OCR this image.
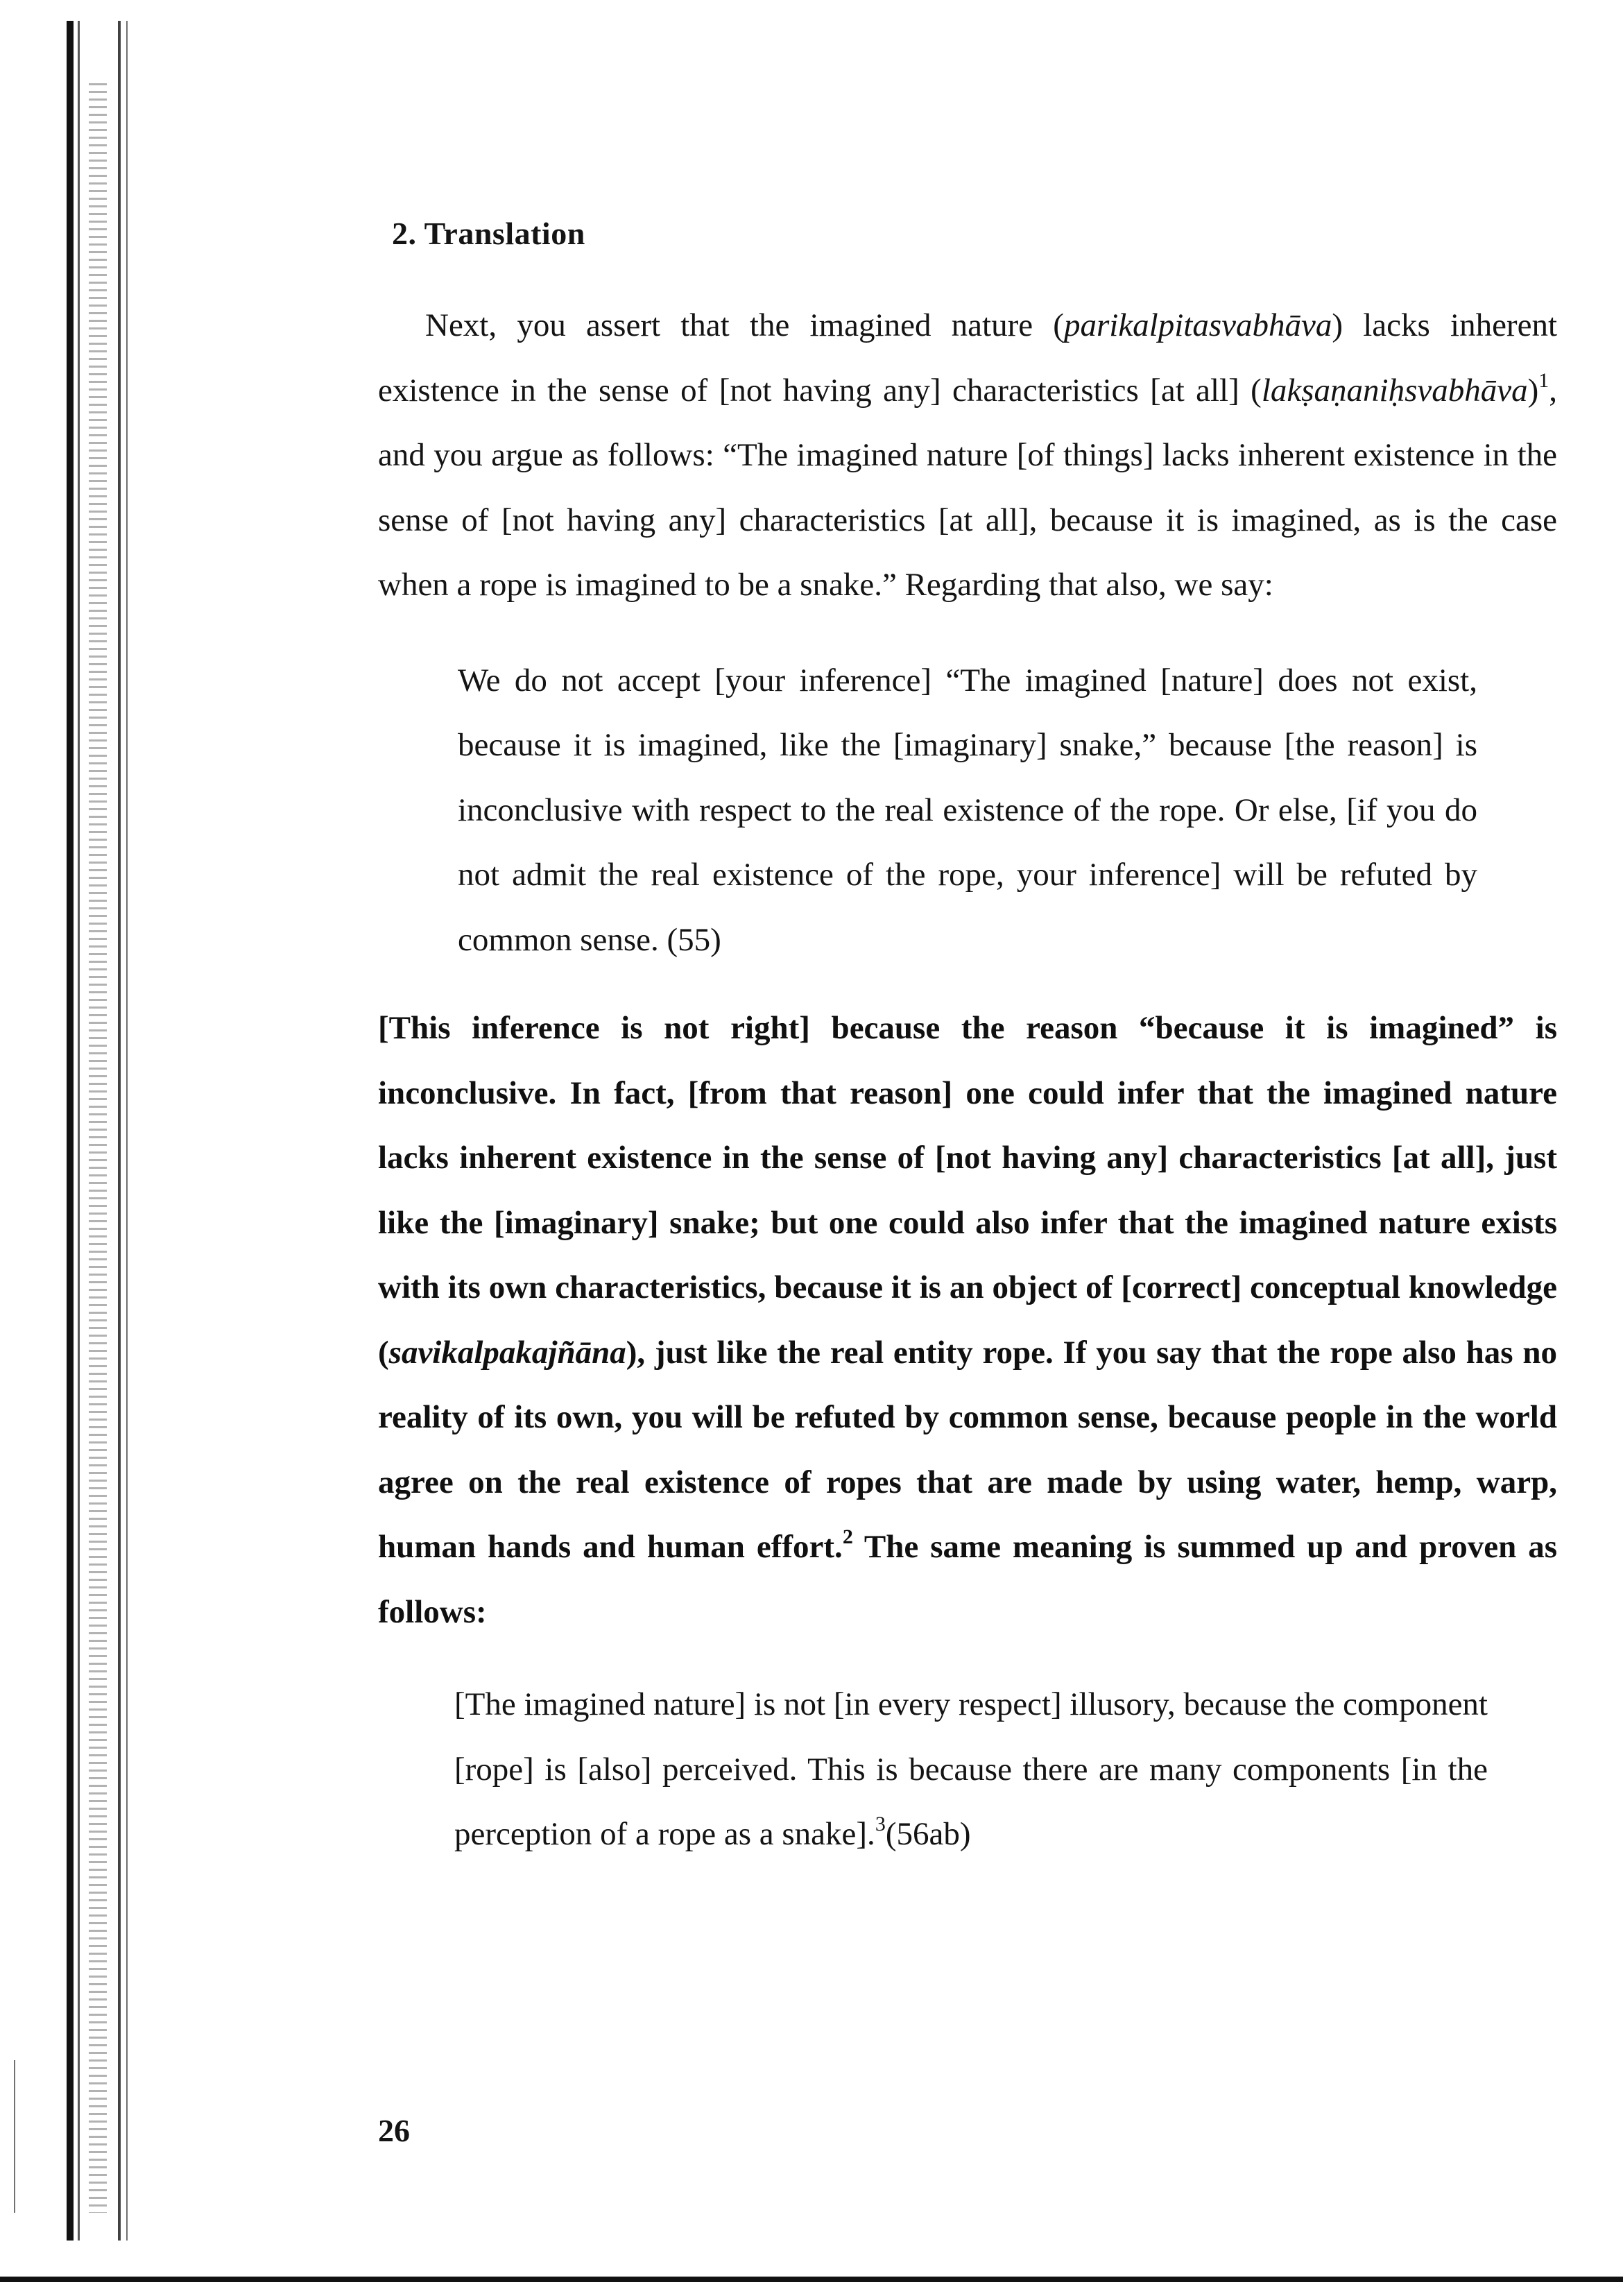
2. Translation

Next, you assert that the imagined nature (parikalpitasvabhāva) lacks inherent existence in the sense of [not having any] characteristics [at all] (lakṣaṇaniḥsvabhāva)$^1$, and you argue as follows: “The imagined nature [of things] lacks inherent existence in the sense of [not having any] characteristics [at all], because it is imagined, as is the case when a rope is imagined to be a snake.” Regarding that also, we say:

We do not accept [your inference] “The imagined [nature] does not exist, because it is imagined, like the [imaginary] snake,” because [the reason] is inconclusive with respect to the real existence of the rope. Or else, [if you do not admit the real existence of the rope, your inference] will be refuted by common sense. (55)

[This inference is not right] because the reason “because it is imagined” is inconclusive. In fact, [from that reason] one could infer that the imagined nature lacks inherent existence in the sense of [not having any] characteristics [at all], just like the [imaginary] snake; but one could also infer that the imagined nature exists with its own characteristics, because it is an object of [correct] conceptual knowledge (savikalpakajñāna), just like the real entity rope. If you say that the rope also has no reality of its own, you will be refuted by common sense, because people in the world agree on the real existence of ropes that are made by using water, hemp, warp, human hands and human effort.$^2$ The same meaning is summed up and proven as follows:

[The imagined nature] is not [in every respect] illusory, because the component [rope] is [also] perceived. This is because there are many components [in the perception of a rope as a snake].$^3$(56ab)

26
